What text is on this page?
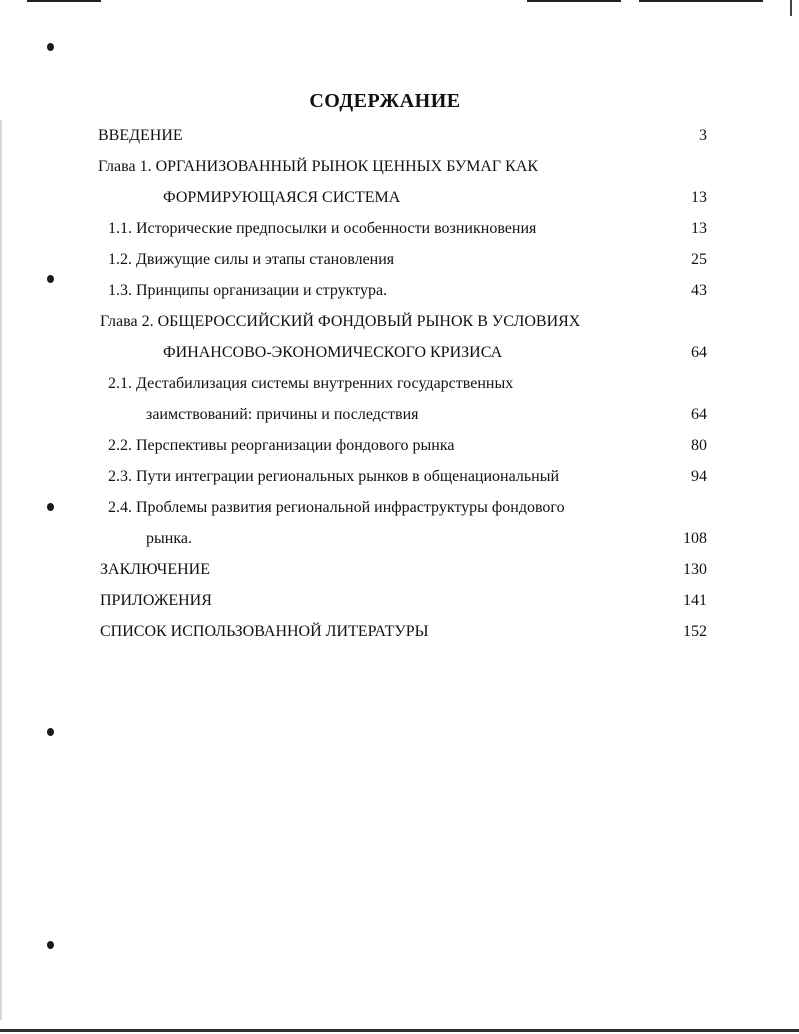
СОДЕРЖАНИЕ
ВВЕДЕНИЕ	3
Глава 1. ОРГАНИЗОВАННЫЙ РЫНОК ЦЕННЫХ БУМАГ КАК
ФОРМИРУЮЩАЯСЯ СИСТЕМА	13
1.1. Исторические предпосылки и особенности возникновения	13
1.2. Движущие силы и этапы становления	25
1.3. Принципы организации и структура.	43
Глава 2. ОБЩЕРОССИЙСКИЙ ФОНДОВЫЙ РЫНОК В УСЛОВИЯХ
ФИНАНСОВО-ЭКОНОМИЧЕСКОГО КРИЗИСА	64
2.1. Дестабилизация системы внутренних государственных
заимствований: причины и последствия	64
2.2. Перспективы реорганизации фондового рынка	80
2.3. Пути интеграции региональных рынков в общенациональный	94
2.4. Проблемы развития региональной инфраструктуры фондового
рынка.	108
ЗАКЛЮЧЕНИЕ	130
ПРИЛОЖЕНИЯ	141
СПИСОК ИСПОЛЬЗОВАННОЙ ЛИТЕРАТУРЫ	152
